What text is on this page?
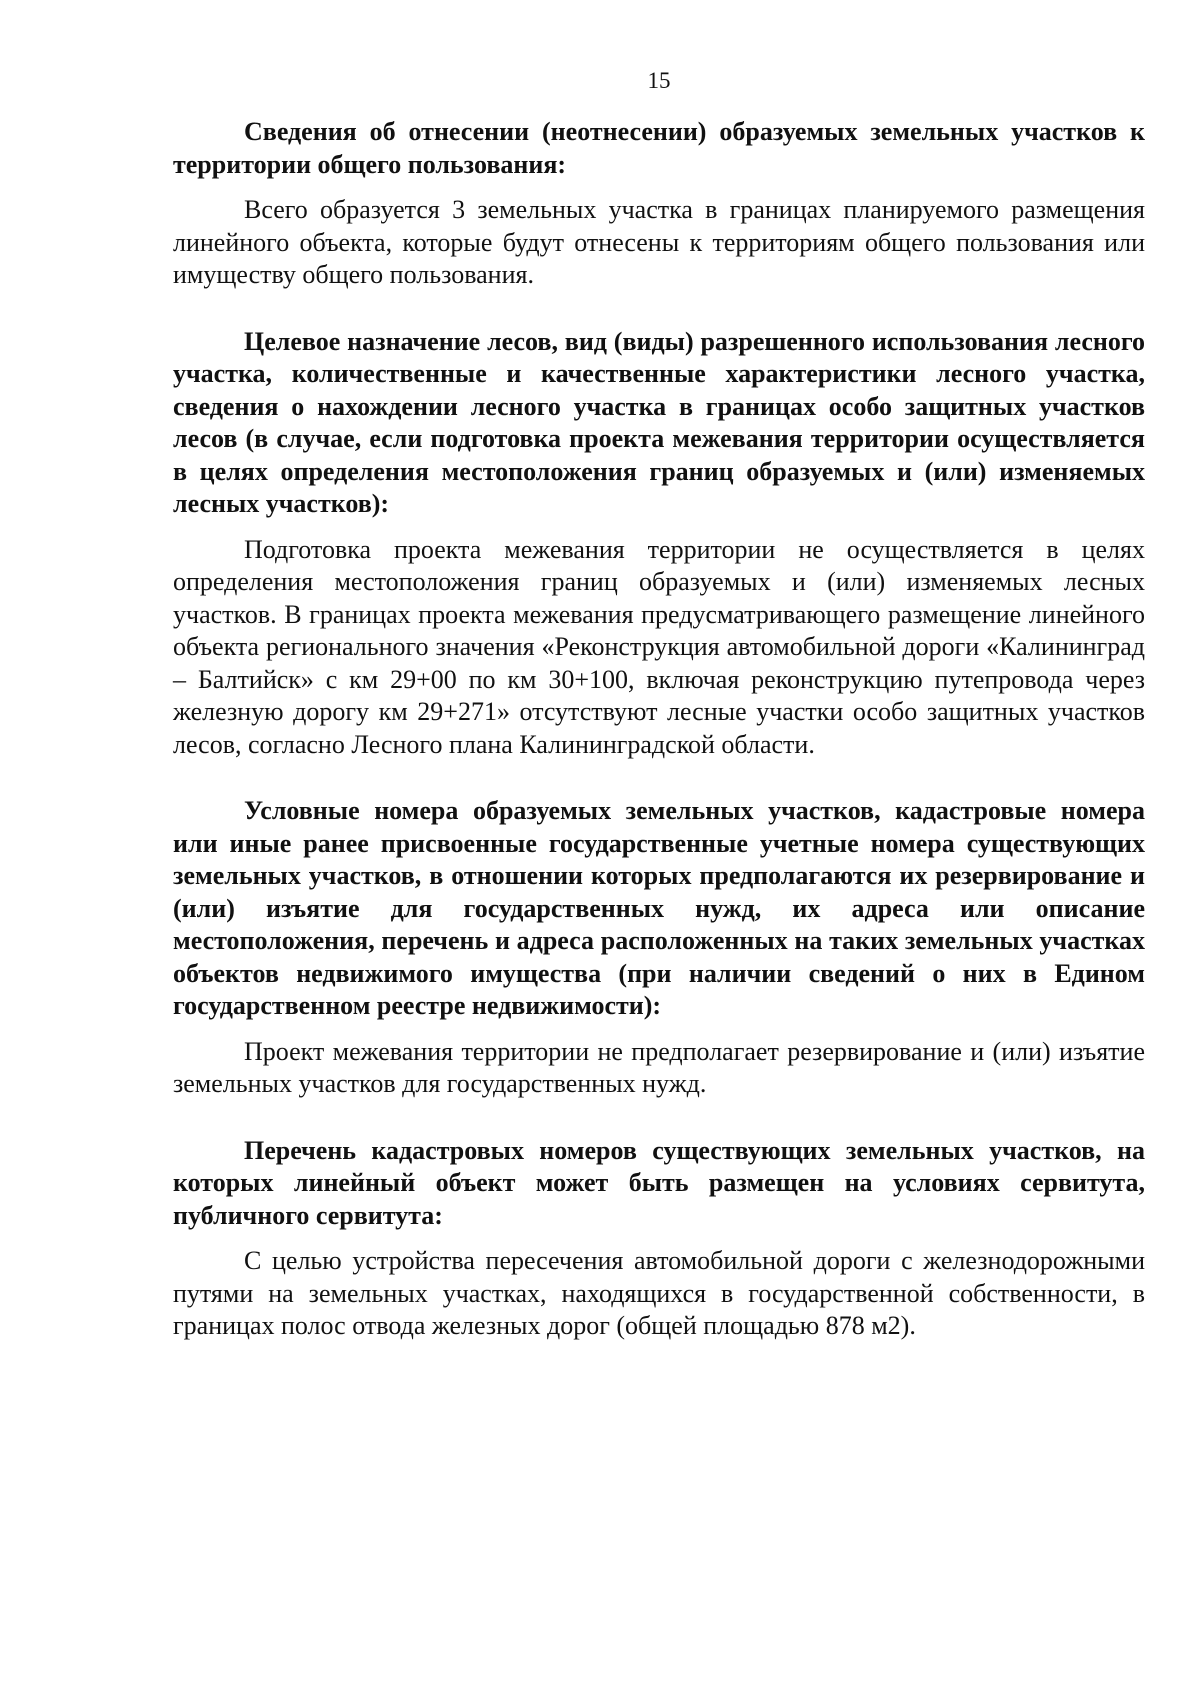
15

Сведения об отнесении (неотнесении) образуемых земельных участков к территории общего пользования:

Всего образуется 3 земельных участка в границах планируемого размещения линейного объекта, которые будут отнесены к территориям общего пользования или имуществу общего пользования.

Целевое назначение лесов, вид (виды) разрешенного использования лесного участка, количественные и качественные характеристики лесного участка, сведения о нахождении лесного участка в границах особо защитных участков лесов (в случае, если подготовка проекта межевания территории осуществляется в целях определения местоположения границ образуемых и (или) изменяемых лесных участков):

Подготовка проекта межевания территории не осуществляется в целях определения местоположения границ образуемых и (или) изменяемых лесных участков. В границах проекта межевания предусматривающего размещение линейного объекта регионального значения «Реконструкция автомобильной дороги «Калининград – Балтийск» с км 29+00 по км 30+100, включая реконструкцию путепровода через железную дорогу км 29+271» отсутствуют лесные участки особо защитных участков лесов, согласно Лесного плана Калининградской области.

Условные номера образуемых земельных участков, кадастровые номера или иные ранее присвоенные государственные учетные номера существующих земельных участков, в отношении которых предполагаются их резервирование и (или) изъятие для государственных нужд, их адреса или описание местоположения, перечень и адреса расположенных на таких земельных участках объектов недвижимого имущества (при наличии сведений о них в Едином государственном реестре недвижимости):

Проект межевания территории не предполагает резервирование и (или) изъятие земельных участков для государственных нужд.

Перечень кадастровых номеров существующих земельных участков, на которых линейный объект может быть размещен на условиях сервитута, публичного сервитута:

С целью устройства пересечения автомобильной дороги с железнодорожными путями на земельных участках, находящихся в государственной собственности, в границах полос отвода железных дорог (общей площадью 878 м2).
